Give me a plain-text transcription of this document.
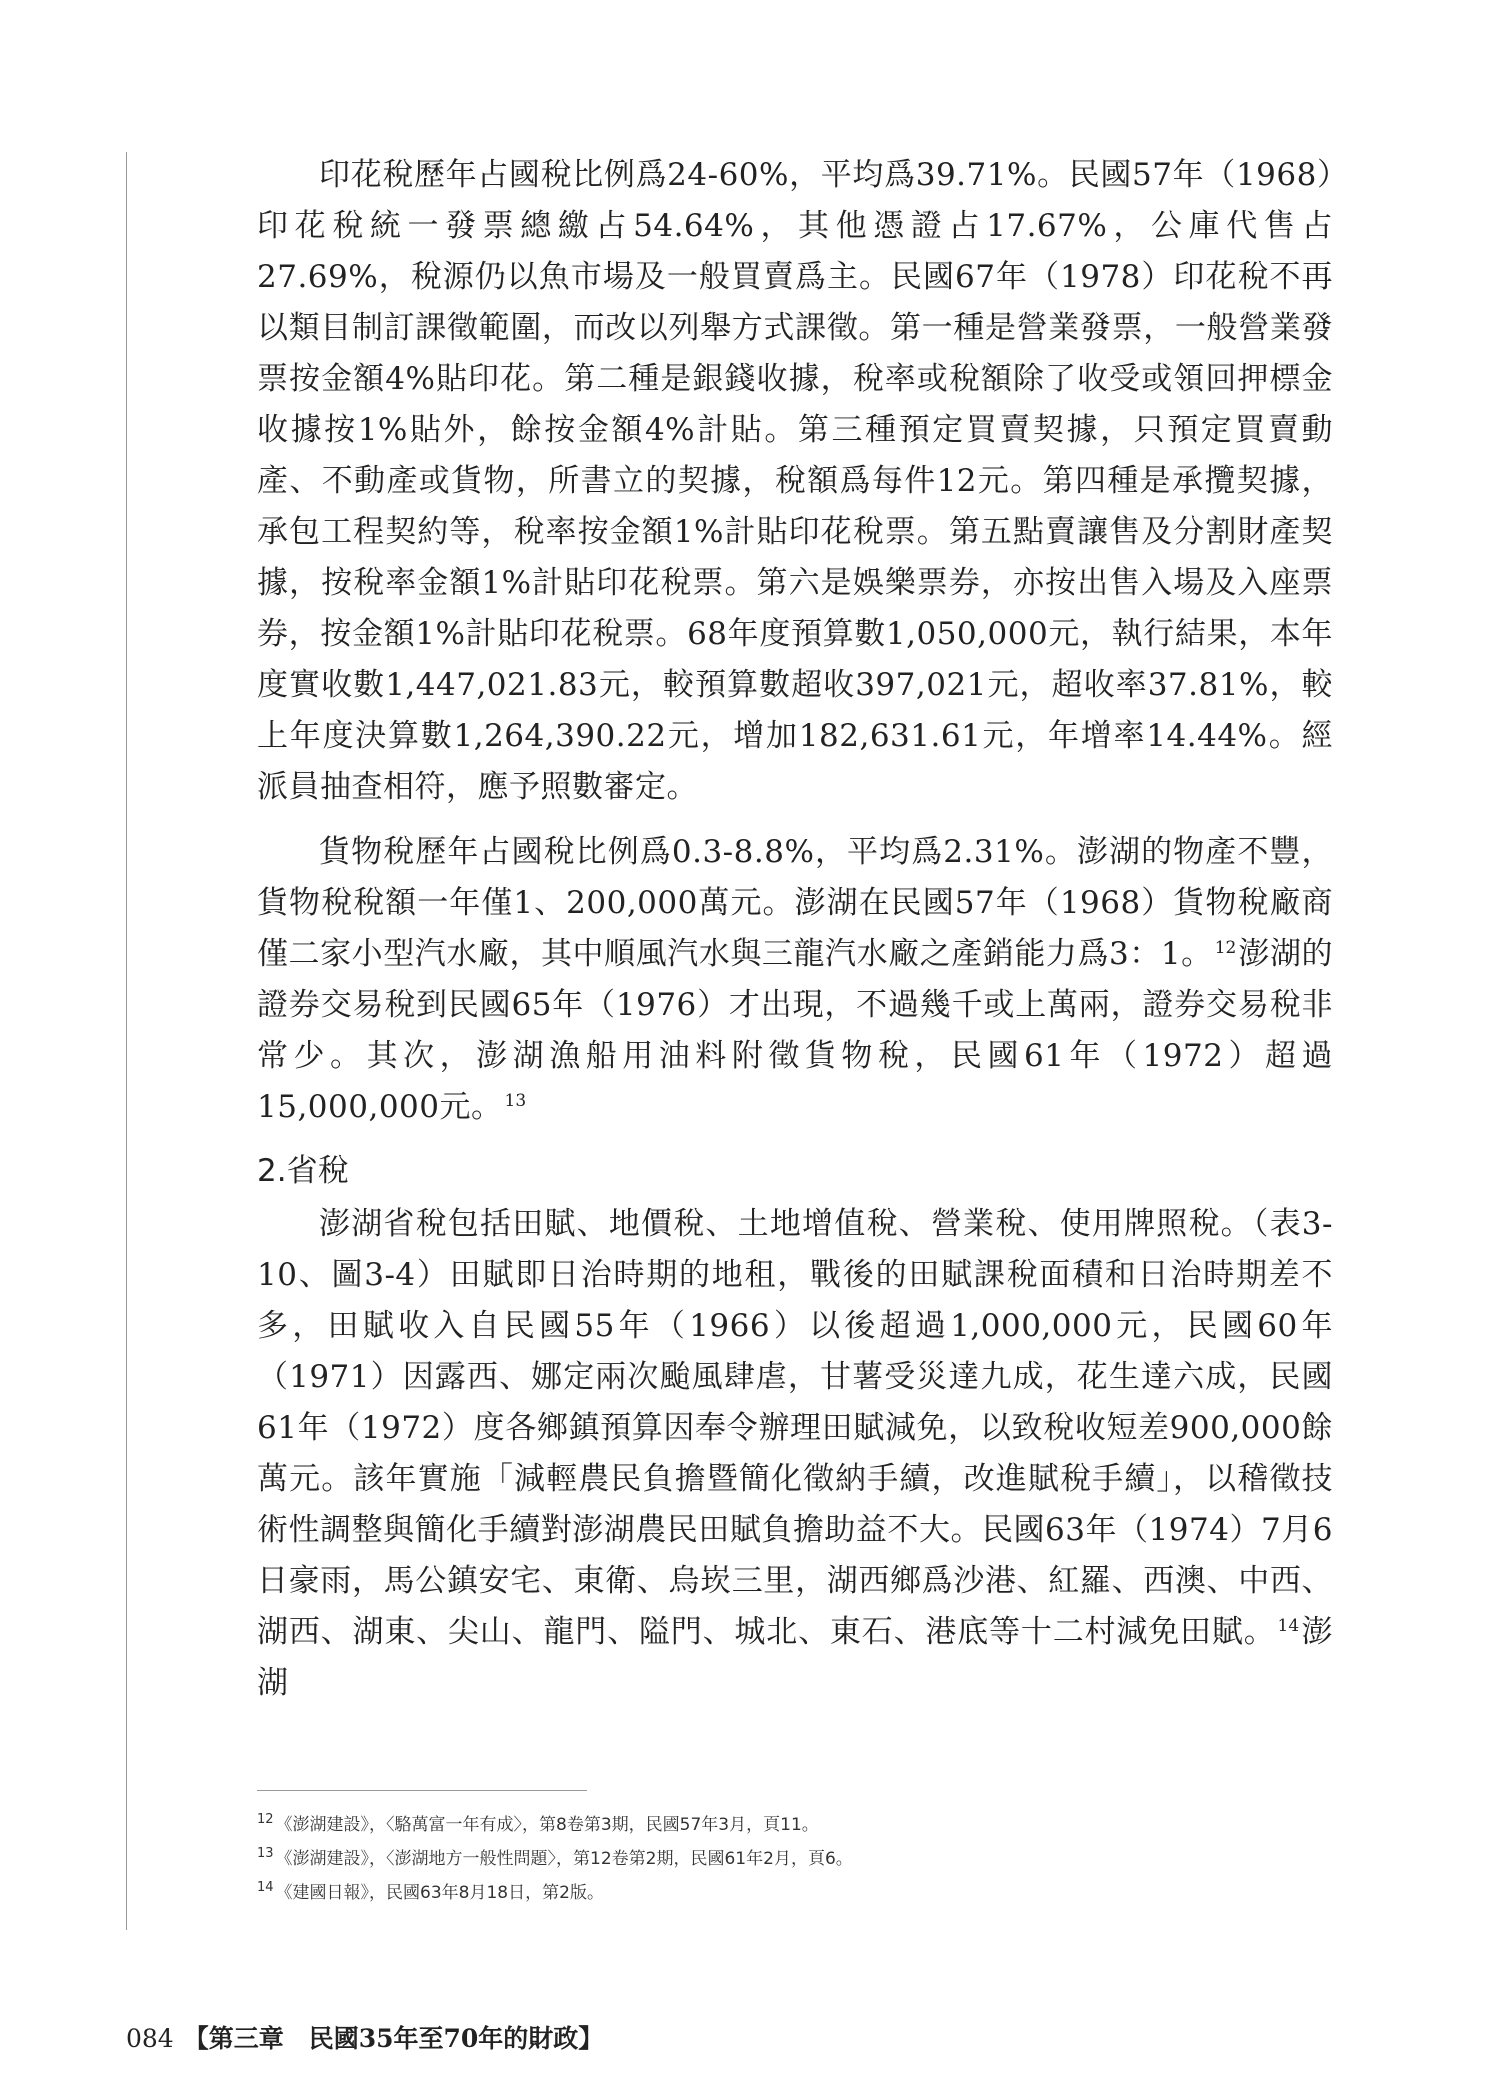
印花稅歷年占國稅比例爲24-60%，平均爲39.71%。民國57年（1968）印花稅統一發票總繳占54.64%，其他憑證占17.67%，公庫代售占27.69%，稅源仍以魚市場及一般買賣爲主。民國67年（1978）印花稅不再以類目制訂課徵範圍，而改以列舉方式課徵。第一種是營業發票，一般營業發票按金額4%貼印花。第二種是銀錢收據，稅率或稅額除了收受或領回押標金收據按1%貼外，餘按金額4%計貼。第三種預定買賣契據，只預定買賣動產、不動產或貨物，所書立的契據，稅額爲每件12元。第四種是承攬契據，承包工程契約等，稅率按金額1%計貼印花稅票。第五點賣讓售及分割財產契據，按稅率金額1%計貼印花稅票。第六是娛樂票券，亦按出售入場及入座票券，按金額1%計貼印花稅票。68年度預算數1,050,000元，執行結果，本年度實收數1,447,021.83元，較預算數超收397,021元，超收率37.81%，較上年度決算數1,264,390.22元，增加182,631.61元，年增率14.44%。經派員抽查相符，應予照數審定。

貨物稅歷年占國稅比例爲0.3-8.8%，平均爲2.31%。澎湖的物產不豐，貨物稅稅額一年僅1、200,000萬元。澎湖在民國57年（1968）貨物稅廠商僅二家小型汽水廠，其中順風汽水與三龍汽水廠之產銷能力爲3：1。 $^{12}$澎湖的證券交易稅到民國65年（1976）才出現，不過幾千或上萬兩，證券交易稅非常少。其次，澎湖漁船用油料附徵貨物稅，民國61年（1972）超過15,000,000元。 $^{13}$

2.省稅

澎湖省稅包括田賦、地價稅、土地增值稅、營業稅、使用牌照稅。（表3-10、圖3-4）田賦即日治時期的地租，戰後的田賦課稅面積和日治時期差不多，田賦收入自民國55年（1966）以後超過1,000,000元，民國60年（1971）因露西、娜定兩次颱風肆虐，甘薯受災達九成，花生達六成，民國61年（1972）度各鄉鎮預算因奉令辦理田賦減免，以致稅收短差900,000餘萬元。該年實施「減輕農民負擔暨簡化徵納手續，改進賦稅手續」，以稽徵技術性調整與簡化手續對澎湖農民田賦負擔助益不大。民國63年（1974）7月6日豪雨，馬公鎮安宅、東衛、烏崁三里，湖西鄉爲沙港、紅羅、西澳、中西、湖西、湖東、尖山、龍門、隘門、城北、東石、港底等十二村減免田賦。 $^{14}$澎湖

$^{12}$ 《澎湖建設》，〈駱萬富一年有成〉，第8卷第3期，民國57年3月，頁11。
$^{13}$ 《澎湖建設》，〈澎湖地方一般性問題〉，第12卷第2期，民國61年2月，頁6。
$^{14}$ 《建國日報》，民國63年8月18日，第2版。
084 【第三章　民國35年至70年的財政】
